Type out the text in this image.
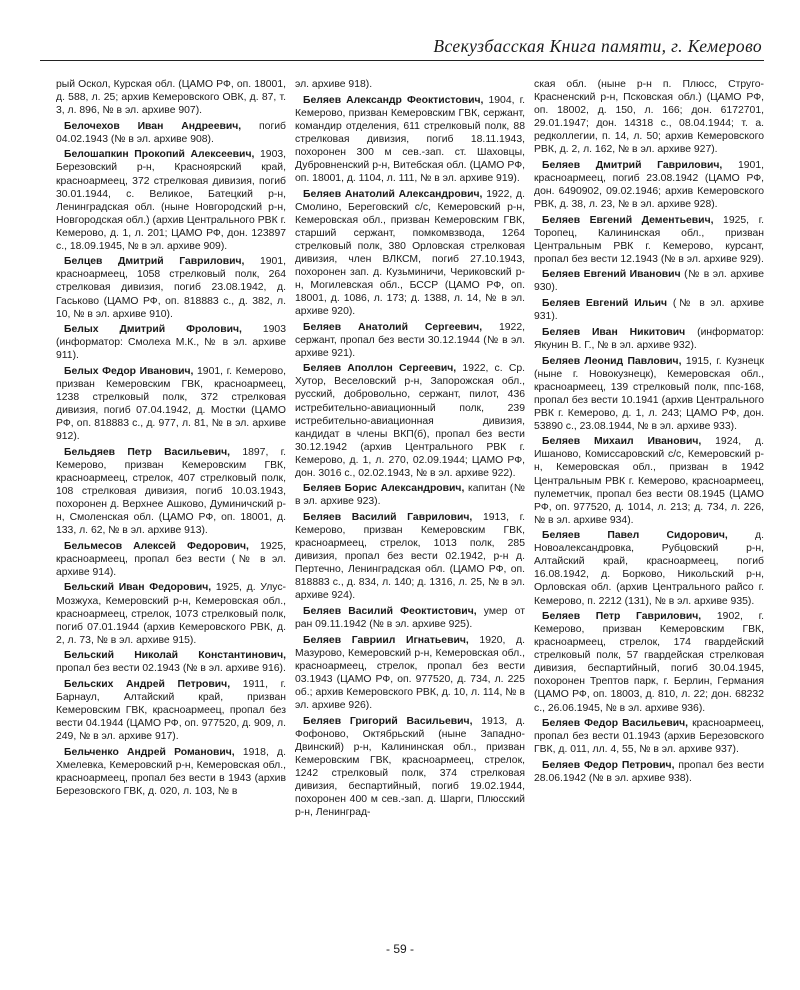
Всекузбасская Книга памяти, г. Кемерово

рый Оскол, Курская обл. (ЦАМО РФ, оп. 18001, д. 588, л. 25; архив Кемеровского ОВК, д. 87, т. 3, л. 896, № в эл. архиве 907).

Белочехов Иван Андреевич, погиб 04.02.1943 (№ в эл. архиве 908).

Белошапкин Прокопий Алексеевич, 1903, Березовский р-н, Красноярский край, красноармеец, 372 стрелковая дивизия, погиб 30.01.1944, с. Великое, Батецкий р-н, Ленинградская обл. (ныне Новгородский р-н, Новгородская обл.) (архив Центрального РВК г. Кемерово, д. 1, л. 201; ЦАМО РФ, дон. 123897 с., 18.09.1945, № в эл. архиве 909).

Белцев Дмитрий Гаврилович, 1901, красноармеец, 1058 стрелковый полк, 264 стрелковая дивизия, погиб 23.08.1942, д. Гаськово (ЦАМО РФ, оп. 818883 с., д. 382, л. 10, № в эл. архиве 910).

Белых Дмитрий Фролович, 1903 (информатор: Смолеха М.К., № в эл. архиве 911).

Белых Федор Иванович, 1901, г. Кемерово, призван Кемеровским ГВК, красноармеец, 1238 стрелковый полк, 372 стрелковая дивизия, погиб 07.04.1942, д. Мостки (ЦАМО РФ, оп. 818883 с., д. 977, л. 81, № в эл. архиве 912).

Бельдяев Петр Васильевич, 1897, г. Кемерово, призван Кемеровским ГВК, красноармеец, стрелок, 407 стрелковый полк, 108 стрелковая дивизия, погиб 10.03.1943, похоронен д. Верхнее Ашково, Думиничский р-н, Смоленская обл. (ЦАМО РФ, оп. 18001, д. 133, л. 62, № в эл. архиве 913).

Бельмесов Алексей Федорович, 1925, красноармеец, пропал без вести (№ в эл. архиве 914).

Бельский Иван Федорович, 1925, д. Улус-Мозжуха, Кемеровский р-н, Кемеровская обл., красноармеец, стрелок, 1073 стрелковый полк, погиб 07.01.1944 (архив Кемеровского РВК, д. 2, л. 73, № в эл. архиве 915).

Бельский Николай Константинович, пропал без вести 02.1943 (№ в эл. архиве 916).

Бельских Андрей Петрович, 1911, г. Барнаул, Алтайский край, призван Кемеровским ГВК, красноармеец, пропал без вести 04.1944 (ЦАМО РФ, оп. 977520, д. 909, л. 249, № в эл. архиве 917).

Бельченко Андрей Романович, 1918, д. Хмелевка, Кемеровский р-н, Кемеровская обл., красноармеец, пропал без вести в 1943 (архив Березовского ГВК, д. 020, л. 103, № в

эл. архиве 918).

Беляев Александр Феоктистович, 1904, г. Кемерово, призван Кемеровским ГВК, сержант, командир отделения, 611 стрелковый полк, 88 стрелковая дивизия, погиб 18.11.1943, похоронен 300 м сев.-зап. ст. Шаховцы, Дубровненский р-н, Витебская обл. (ЦАМО РФ, оп. 18001, д. 1104, л. 111, № в эл. архиве 919).

Беляев Анатолий Александрович, 1922, д. Смолино, Береговский с/с, Кемеровский р-н, Кемеровская обл., призван Кемеровским ГВК, старший сержант, помкомвзвода, 1264 стрелковый полк, 380 Орловская стрелковая дивизия, член ВЛКСМ, погиб 27.10.1943, похоронен зап. д. Кузьминичи, Чериковский р-н, Могилевская обл., БССР (ЦАМО РФ, оп. 18001, д. 1086, л. 173; д. 1388, л. 14, № в эл. архиве 920).

Беляев Анатолий Сергеевич, 1922, сержант, пропал без вести 30.12.1944 (№ в эл. архиве 921).

Беляев Аполлон Сергеевич, 1922, с. Ср. Хутор, Веселовский р-н, Запорожская обл., русский, добровольно, сержант, пилот, 436 истребительно-авиационный полк, 239 истребительно-авиационная дивизия, кандидат в члены ВКП(б), пропал без вести 30.12.1942 (архив Центрального РВК г. Кемерово, д. 1, л. 270, 02.09.1944; ЦАМО РФ, дон. 3016 с., 02.02.1943, № в эл. архиве 922).

Беляев Борис Александрович, капитан (№ в эл. архиве 923).

Беляев Василий Гаврилович, 1913, г. Кемерово, призван Кемеровским ГВК, красноармеец, стрелок, 1013 полк, 285 дивизия, пропал без вести 02.1942, р-н д. Пертечно, Ленинградская обл. (ЦАМО РФ, оп. 818883 с., д. 834, л. 140; д. 1316, л. 25, № в эл. архиве 924).

Беляев Василий Феоктистович, умер от ран 09.11.1942 (№ в эл. архиве 925).

Беляев Гавриил Игнатьевич, 1920, д. Мазурово, Кемеровский р-н, Кемеровская обл., красноармеец, стрелок, пропал без вести 03.1943 (ЦАМО РФ, оп. 977520, д. 734, л. 225 об.; архив Кемеровского РВК, д. 10, л. 114, № в эл. архиве 926).

Беляев Григорий Васильевич, 1913, д. Фофоново, Октябрьский (ныне Западно-Двинский) р-н, Калининская обл., призван Кемеровским ГВК, красноармеец, стрелок, 1242 стрелковый полк, 374 стрелковая дивизия, беспартийный, погиб 19.02.1944, похоронен 400 м сев.-зап. д. Шарги, Плюсский р-н, Ленинград-

ская обл. (ныне р-н п. Плюсс, Струго-Красненский р-н, Псковская обл.) (ЦАМО РФ, оп. 18002, д. 150, л. 166; дон. 6172701, 29.01.1947; дон. 14318 с., 08.04.1944; т. а. редколлегии, п. 14, л. 50; архив Кемеровского РВК, д. 2, л. 162, № в эл. архиве 927).

Беляев Дмитрий Гаврилович, 1901, красноармеец, погиб 23.08.1942 (ЦАМО РФ, дон. 6490902, 09.02.1946; архив Кемеровского РВК, д. 38, л. 23, № в эл. архиве 928).

Беляев Евгений Дементьевич, 1925, г. Торопец, Калининская обл., призван Центральным РВК г. Кемерово, курсант, пропал без вести 12.1943 (№ в эл. архиве 929).

Беляев Евгений Иванович (№ в эл. архиве 930).

Беляев Евгений Ильич (№ в эл. архиве 931).

Беляев Иван Никитович (информатор: Якунин В. Г., № в эл. архиве 932).

Беляев Леонид Павлович, 1915, г. Кузнецк (ныне г. Новокузнецк), Кемеровская обл., красноармеец, 139 стрелковый полк, ппс-168, пропал без вести 10.1941 (архив Центрального РВК г. Кемерово, д. 1, л. 243; ЦАМО РФ, дон. 53890 с., 23.08.1944, № в эл. архиве 933).

Беляев Михаил Иванович, 1924, д. Ишаново, Комиссаровский с/с, Кемеровский р-н, Кемеровская обл., призван в 1942 Центральным РВК г. Кемерово, красноармеец, пулеметчик, пропал без вести 08.1945 (ЦАМО РФ, оп. 977520, д. 1014, л. 213; д. 734, л. 226, № в эл. архиве 934).

Беляев Павел Сидорович, д. Новоалександровка, Рубцовский р-н, Алтайский край, красноармеец, погиб 16.08.1942, д. Борково, Никольский р-н, Орловская обл. (архив Центрального райсо г. Кемерово, п. 2212 (131), № в эл. архиве 935).

Беляев Петр Гаврилович, 1902, г. Кемерово, призван Кемеровским ГВК, красноармеец, стрелок, 174 гвардейский стрелковый полк, 57 гвардейская стрелковая дивизия, беспартийный, погиб 30.04.1945, похоронен Трептов парк, г. Берлин, Германия (ЦАМО РФ, оп. 18003, д. 810, л. 22; дон. 68232 с., 26.06.1945, № в эл. архиве 936).

Беляев Федор Васильевич, красноармеец, пропал без вести 01.1943 (архив Березовского ГВК, д. 011, лл. 4, 55, № в эл. архиве 937).

Беляев Федор Петрович, пропал без вести 28.06.1942 (№ в эл. архиве 938).

- 59 -
